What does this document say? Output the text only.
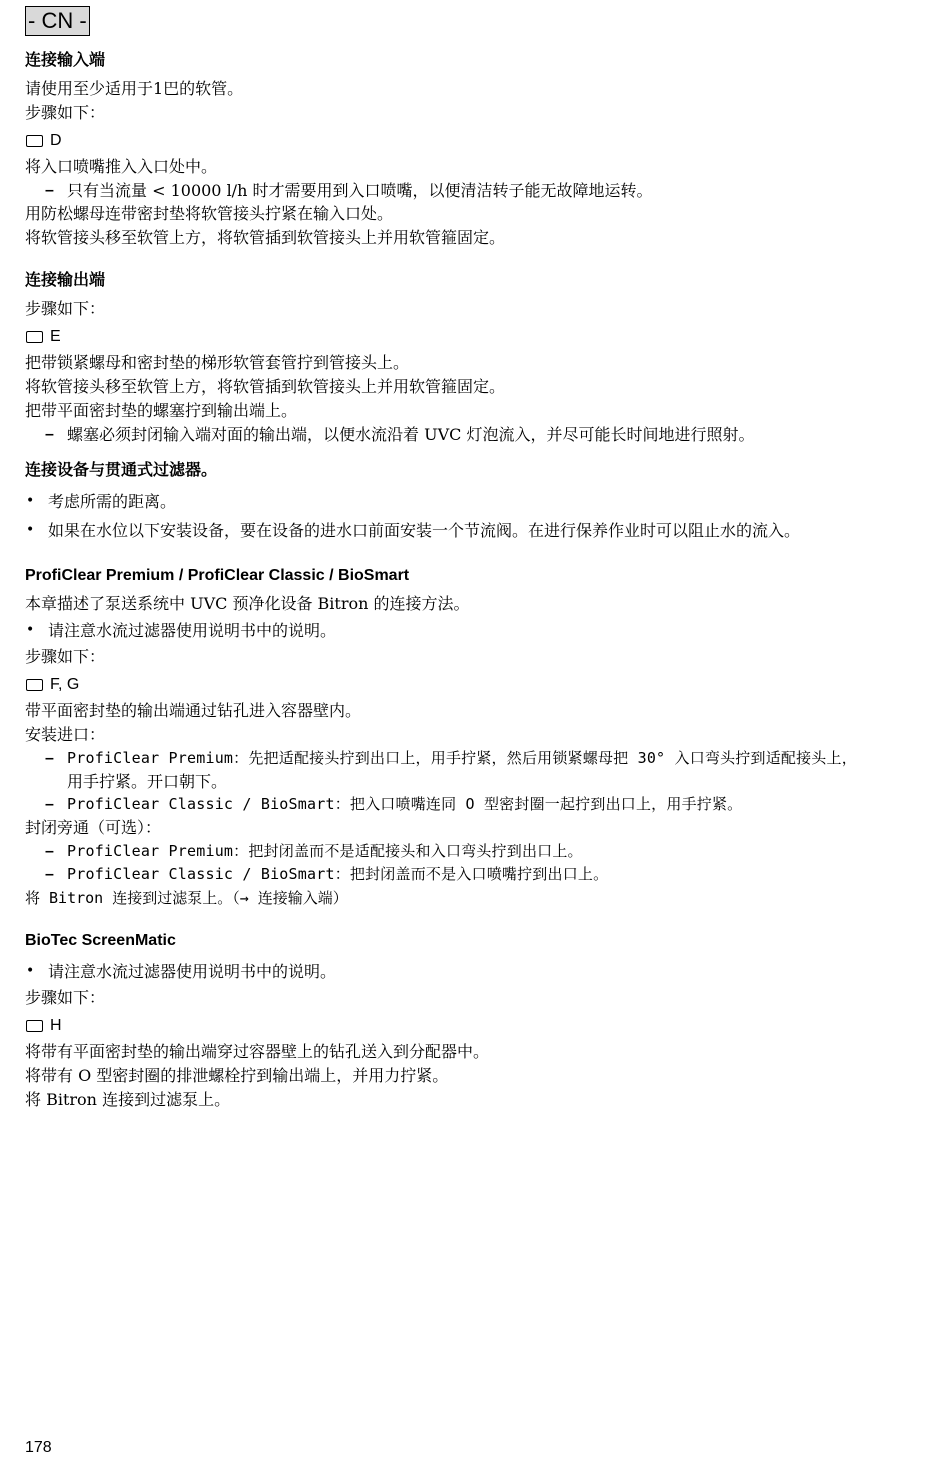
- CN -
连接输入端
请使用至少适用于1巴的软管。
步骤如下：
D
将入口喷嘴推入入口处中。
– 只有当流量 < 10000 l/h 时才需要用到入口喷嘴，以便清洁转子能无故障地运转。
用防松螺母连带密封垫将软管接头拧紧在输入口处。
将软管接头移至软管上方，将软管插到软管接头上并用软管箍固定。
连接输出端
步骤如下：
E
把带锁紧螺母和密封垫的梯形软管套管拧到管接头上。
将软管接头移至软管上方，将软管插到软管接头上并用软管箍固定。
把带平面密封垫的螺塞拧到输出端上。
– 螺塞必须封闭输入端对面的输出端，以便水流沿着 UVC 灯泡流入，并尽可能长时间地进行照射。
连接设备与贯通式过滤器。
• 考虑所需的距离。
• 如果在水位以下安装设备，要在设备的进水口前面安装一个节流阀。在进行保养作业时可以阻止水的流入。
ProfiClear Premium / ProfiClear Classic / BioSmart
本章描述了泵送系统中 UVC 预净化设备 Bitron 的连接方法。
• 请注意水流过滤器使用说明书中的说明。
步骤如下：
F, G
带平面密封垫的输出端通过钻孔进入容器壁内。
安装进口：
– ProfiClear Premium：先把适配接头拧到出口上，用手拧紧，然后用锁紧螺母把 30° 入口弯头拧到适配接头上，
用手拧紧。开口朝下。
– ProfiClear Classic / BioSmart：把入口喷嘴连同 O 型密封圈一起拧到出口上，用手拧紧。
封闭旁通（可选）：
– ProfiClear Premium：把封闭盖而不是适配接头和入口弯头拧到出口上。
– ProfiClear Classic / BioSmart：把封闭盖而不是入口喷嘴拧到出口上。
将 Bitron 连接到过滤泵上。（→ 连接输入端）
BioTec ScreenMatic
• 请注意水流过滤器使用说明书中的说明。
步骤如下：
H
将带有平面密封垫的输出端穿过容器壁上的钻孔送入到分配器中。
将带有 O 型密封圈的排泄螺栓拧到输出端上，并用力拧紧。
将 Bitron 连接到过滤泵上。
178
